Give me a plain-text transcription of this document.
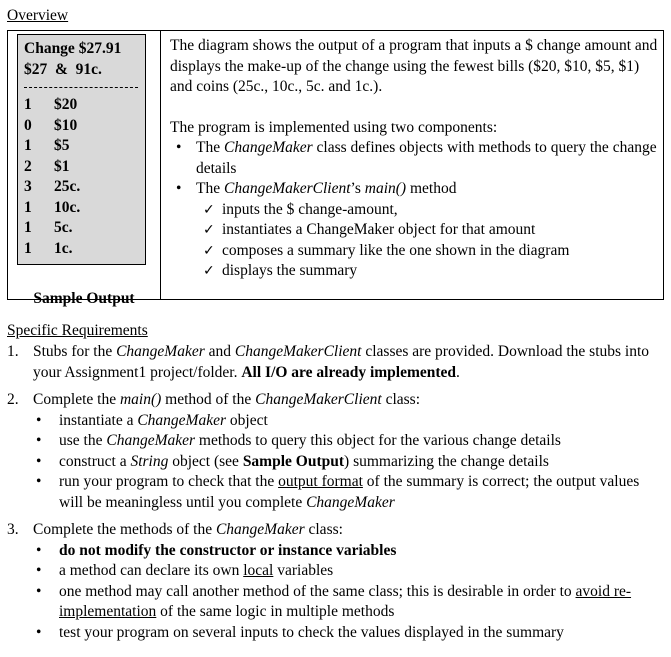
Overview
Change $27.91
$27  &  91c.
1 $20
0 $10
1 $5
2 $1
3 25c.
1 10c.
1 5c.
1 1c.
Sample Output

The diagram shows the output of a program that inputs a $ change amount and displays the make-up of the change using the fewest bills ($20, $10, $5, $1) and coins (25c., 10c., 5c. and 1c.).

The program is implemented using two components:

• The ChangeMaker class defines objects with methods to query the change details

• The ChangeMakerClient’s main() method

✓ inputs the $ change-amount,

✓ instantiates a ChangeMaker object for that amount

✓ composes a summary like the one shown in the diagram

✓ displays the summary

Specific Requirements
1. Stubs for the ChangeMaker and ChangeMakerClient classes are provided. Download the stubs into your Assignment1 project/folder. All I/O are already implemented.
2. Complete the main() method of the ChangeMakerClient class:
• instantiate a ChangeMaker object
• use the ChangeMaker methods to query this object for the various change details
• construct a String object (see Sample Output) summarizing the change details
• run your program to check that the output format of the summary is correct; the output values will be meaningless until you complete ChangeMaker
3. Complete the methods of the ChangeMaker class:
• do not modify the constructor or instance variables
• a method can declare its own local variables
• one method may call another method of the same class; this is desirable in order to avoid re-implementation of the same logic in multiple methods
• test your program on several inputs to check the values displayed in the summary
